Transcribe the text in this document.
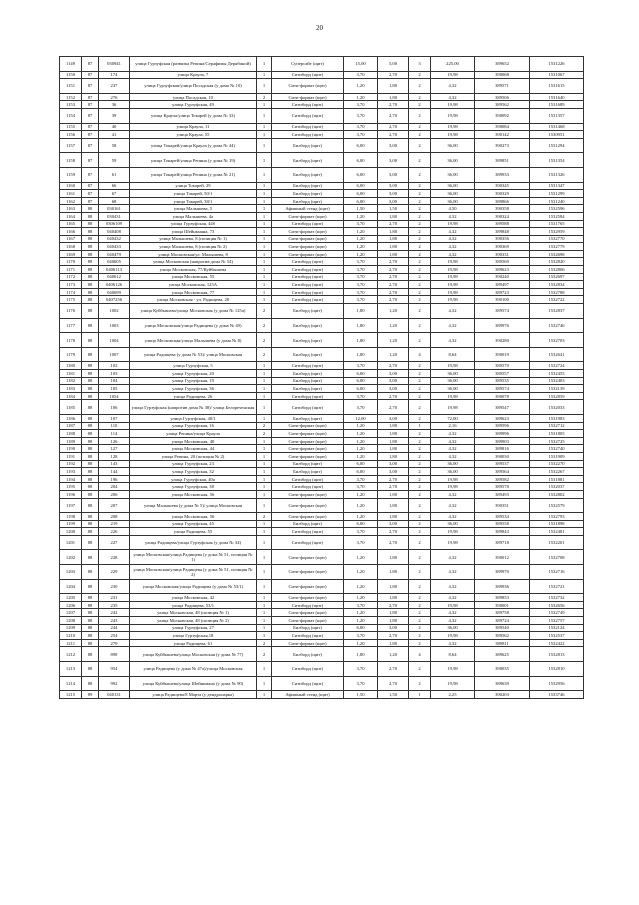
20
1149	87	030941	улица Гурзуфская (развязка Репина/Серафимы Дерябиной)	1	Суперсайт (щит)	15,00	5,00	3	225,00	389652	1531226
1150	87	174	улица Краула, 7	1	Ситиборд (щит)	3,70	2,70	2	19,98	390068	1531067
1151	87	237	улица Гурзуфская/улица Посадская (у дома № 10)	1	Сити-формат (щит)	1,20	1,80	2	4,32	389571	1531615
1152	87	276	улица Посадская, 10	2	Сити-формат (щит)	1,20	1,80	2	4,32	389506	1531640
1153	87	36	улица Гурзуфская, 49	1	Ситиборд (щит)	3,70	2,70	2	19,98	389562	1531689
1154	87	39	улица Краула/улица Токарей (у дома № 33)	1	Ситиборд (щит)	3,70	2,70	2	19,98	390092	1531357
1155	87	40	улица Краула, 11	1	Ситиборд (щит)	3,70	2,70	2	19,98	390084	1531468
1156	87	41	улица Краула, 55	1	Ситиборд (щит)	3,70	2,70	2	19,98	390142	1530951
1157	87	58	улица Токарей/улица Краула (у дома № 44)	1	Билборд (щит)	6,00	3,00	2	36,00	390273	1531294
1158	87	59	улица Токарей/улица Репина (у дома № 19)	1	Билборд (щит)	6,00	3,00	2	36,00	389851	1531354
1159	87	61	улица Токарей/улица Репина (у дома № 21)	1	Билборд (щит)	6,00	3,00	2	36,00	389933	1531326
1160	87	66	улица Токарей, 29	1	Билборд (щит)	6,00	3,00	2	36,00	390345	1531347
1161	87	67	улица Токарей, 50/1	1	Билборд (щит)	6,00	3,00	2	36,00	390329	1531299
1162	87	68	улица Токарей, 38/1	1	Билборд (щит)	6,00	3,00	2	36,00	389866	1531240
1163	88	030161	улица Малышева, 5	1	Афишный стенд (щит)	1,50	1,50	2	4,50	390358	1532596
1164	88	030431	улица Малышева, 4а	1	Сити-формат (щит)	1,20	1,80	2	4,32	390324	1532584
1165	88	0306109	улица Гурзуфская, 44б	1	Ситиборд (щит)	3,70	2,70	2	19,98	389588	1531765
1166	88	040408	улица Шейнкмана, 73	1	Сити-формат (щит)	1,20	1,80	2	4,32	389848	1532959
1167	88	040432	улица Малышева, 8 (позиция № 1)	1	Сити-формат (щит)	1,20	1,80	2	4,32	390356	1532770
1168	88	040433	улица Малышева, 8 (позиция № 2)	1	Сити-формат (щит)	1,20	1,80	2	4,32	390369	1532779
1169	88	040479	улица Московская/ул. Малышева, 8	1	Сити-формат (щит)	1,20	1,80	2	4,32	390331	1532698
1170	88	040605	улица Московская (напротив дома № 54)	1	Ситиборд (щит)	3,70	2,70	2	19,98	389569	1532820
1171	88	0406113	улица Московская, 77/Куйбышева	1	Ситиборд (щит)	3,70	2,70	2	19,98	389623	1532806
1172	88	040612	улица Московская, 55	1	Ситиборд (щит)	3,70	2,70	2	19,98	390240	1532697
1173	88	0406126	улица Московская, 125А	1	Ситиборд (щит)	3,70	2,70	2	19,98	389497	1532834
1174	88	040699	улица Московская, 77	1	Ситиборд (щит)	3,70	2,70	2	19,98	389723	1532788
1175	88	0407256	улица Московская - ул. Радищева, 28	1	Ситиборд (щит)	3,70	2,70	2	19,98	390100	1532722
1176	88	1002	улица Куйбышева/улица Московская (у дома № 125а)	2	Билборд (щит)	1,80	1,20	2	4,32	389574	1532837
1177	88	1003	улица Московская/улица Радищева (у дома № 49)	2	Билборд (щит)	1,80	1,20	2	4,32	389976	1532746
1178	88	1004	улица Московская/улица Малышева (у дома № 8)	2	Билборд (щит)	1,80	1,20	2	4,32	390280	1532703
1179	88	1007	улица Радищева (у дома № 53)/ улица Московская	2	Билборд (щит)	1,80	1,20	4	8,64	390019	1532641
1180	88	102	улица Гурзуфская, 5	1	Ситиборд (щит)	3,70	2,70	2	19,98	389570	1532724
1181	88	103	улица Гурзуфская, 20	1	Билборд (щит)	6,00	3,00	2	36,00	389557	1532455
1182	88	104	улица Гурзуфская, 19	1	Билборд (щит)	6,00	3,00	2	36,00	389535	1532403
1183	88	105	улица Гурзуфская, 36	1	Билборд (щит)	6,00	3,00	2	36,00	389574	1532139
1184	88	1054	улица Радищева, 26	1	Ситиборд (щит)	3,70	2,70	2	19,98	390078	1532859
1185	88	106	улица Гурзуфская (напротив дома № 38)/ улица Белореченская	1	Ситиборд (щит)	3,70	2,70	2	19,98	389547	1532033
1186	88	107	улица Гурзуфская, 40/1	1	Билборд (щит)	12,00	3,00	2	72,00	389623	1531983
1187	88	110	улица Гурзуфская, 16	2	Сити-формат (щит)	1,20	1,80	1	2,16	389596	1532712
1188	88	114	улица Репина/улица Краула	2	Сити-формат (щит)	1,20	1,80	2	4,32	389996	1531805
1189	88	126	улица Московская, 40	1	Сити-формат (щит)	1,20	1,80	2	4,32	389903	1532725
1190	88	127	улица Московская, 44	1	Сити-формат (щит)	1,20	1,80	2	4,32	389816	1532740
1191	88	128	улица Репина, 20 (позиция № 2)	1	Сити-формат (щит)	1,20	1,80	2	4,32	390030	1531909
1192	88	143	улица Гурзуфская, 23	1	Билборд (щит)	6,00	3,00	2	36,00	389537	1532270
1193	88	144	улица Гурзуфская, 32	1	Билборд (щит)	6,00	3,00	2	36,00	389564	1532267
1194	88	196	улица Гурзуфская, 40а	1	Ситиборд (щит)	3,70	2,70	2	19,98	389582	1531881
1195	88	204	улица Гурзуфская, 38	1	Ситиборд (щит)	3,70	2,70	2	19,98	389578	1532037
1196	88	206	улица Московская, 56	1	Сити-формат (щит)	1,20	1,80	2	4,32	389493	1532802
1197	88	207	улица Малышева (у дома № 5)/ улица Московская	1	Сити-формат (щит)	1,20	1,80	2	4,32	390351	1532579
1198	88	208	улица Московская, 56	2	Сити-формат (щит)	1,20	1,80	2	4,32	389534	1532793
1199	88	219	улица Гурзуфская, 45	1	Билборд (щит)	6,00	3,00	2	36,00	389558	1531898
1200	88	226	улица Радищева, 55	1	Ситиборд (щит)	3,70	2,70	2	19,98	389843	1532481
1201	88	227	улица Радищева/улица Гурзуфская (у дома № 34)	1	Ситиборд (щит)	3,70	2,70	2	19,98	389718	1532201
1202	88	228	улица Московская/улица Радищева (у дома № 51, позиция № 1)	1	Сити-формат (щит)	1,20	1,80	2	4,32	390012	1532708
1203	88	229	улица Московская/улица Радищева (у дома № 51, позиция № 2)	1	Сити-формат (щит)	1,20	1,80	2	4,32	389970	1532716
1204	88	230	улица Московская/улица Радищева (у дома № 53/1)	1	Сити-формат (щит)	1,20	1,80	2	4,32	389936	1532721
1205	88	231	улица Московская, 42	1	Сити-формат (щит)	1,20	1,80	2	4,32	389853	1532732
1206	88	235	улица Радищева, 53/1	1	Ситиборд (щит)	3,70	2,70	2	19,98	390001	1532656
1207	88	242	улица Московская, 48 (позиция № 1)	1	Сити-формат (щит)	1,20	1,80	2	4,32	389758	1532749
1208	88	243	улица Московская, 48 (позиция № 2)	1	Сити-формат (щит)	1,20	1,80	2	4,32	389724	1532757
1209	88	244	улица Гурзуфская, 27	1	Билборд (щит)	6,00	3,00	2	36,00	389540	1532124
1210	88	254	улица Гурзуфская,18	1	Ситиборд (щит)	3,70	2,70	2	19,98	389562	1532537
1211	88	279	улица Радищева, 61	2	Сити-формат (щит)	1,20	1,80	2	4,32	389811	1532422
1212	88	898	улица Куйбышева/улица Московская (у дома № 77)	2	Билборд (щит)	1,80	1,20	4	8,64	389625	1532813
1213	88	954	улица Радищева (у дома № 47а)/улица Московская	1	Ситиборд (щит)	3,70	2,70	2	19,98	390035	1532810
1214	88	992	улица Куйбышева/улица Шейнкмана (у дома № 90)	1	Ситиборд (щит)	3,70	2,70	2	19,98	389639	1532956
1215	89	040131	улица Радищева/8 Марта (у дендропарка)	1	Афишный стенд (щит)	1,50	1,50	1	2,25	390203	1533746
